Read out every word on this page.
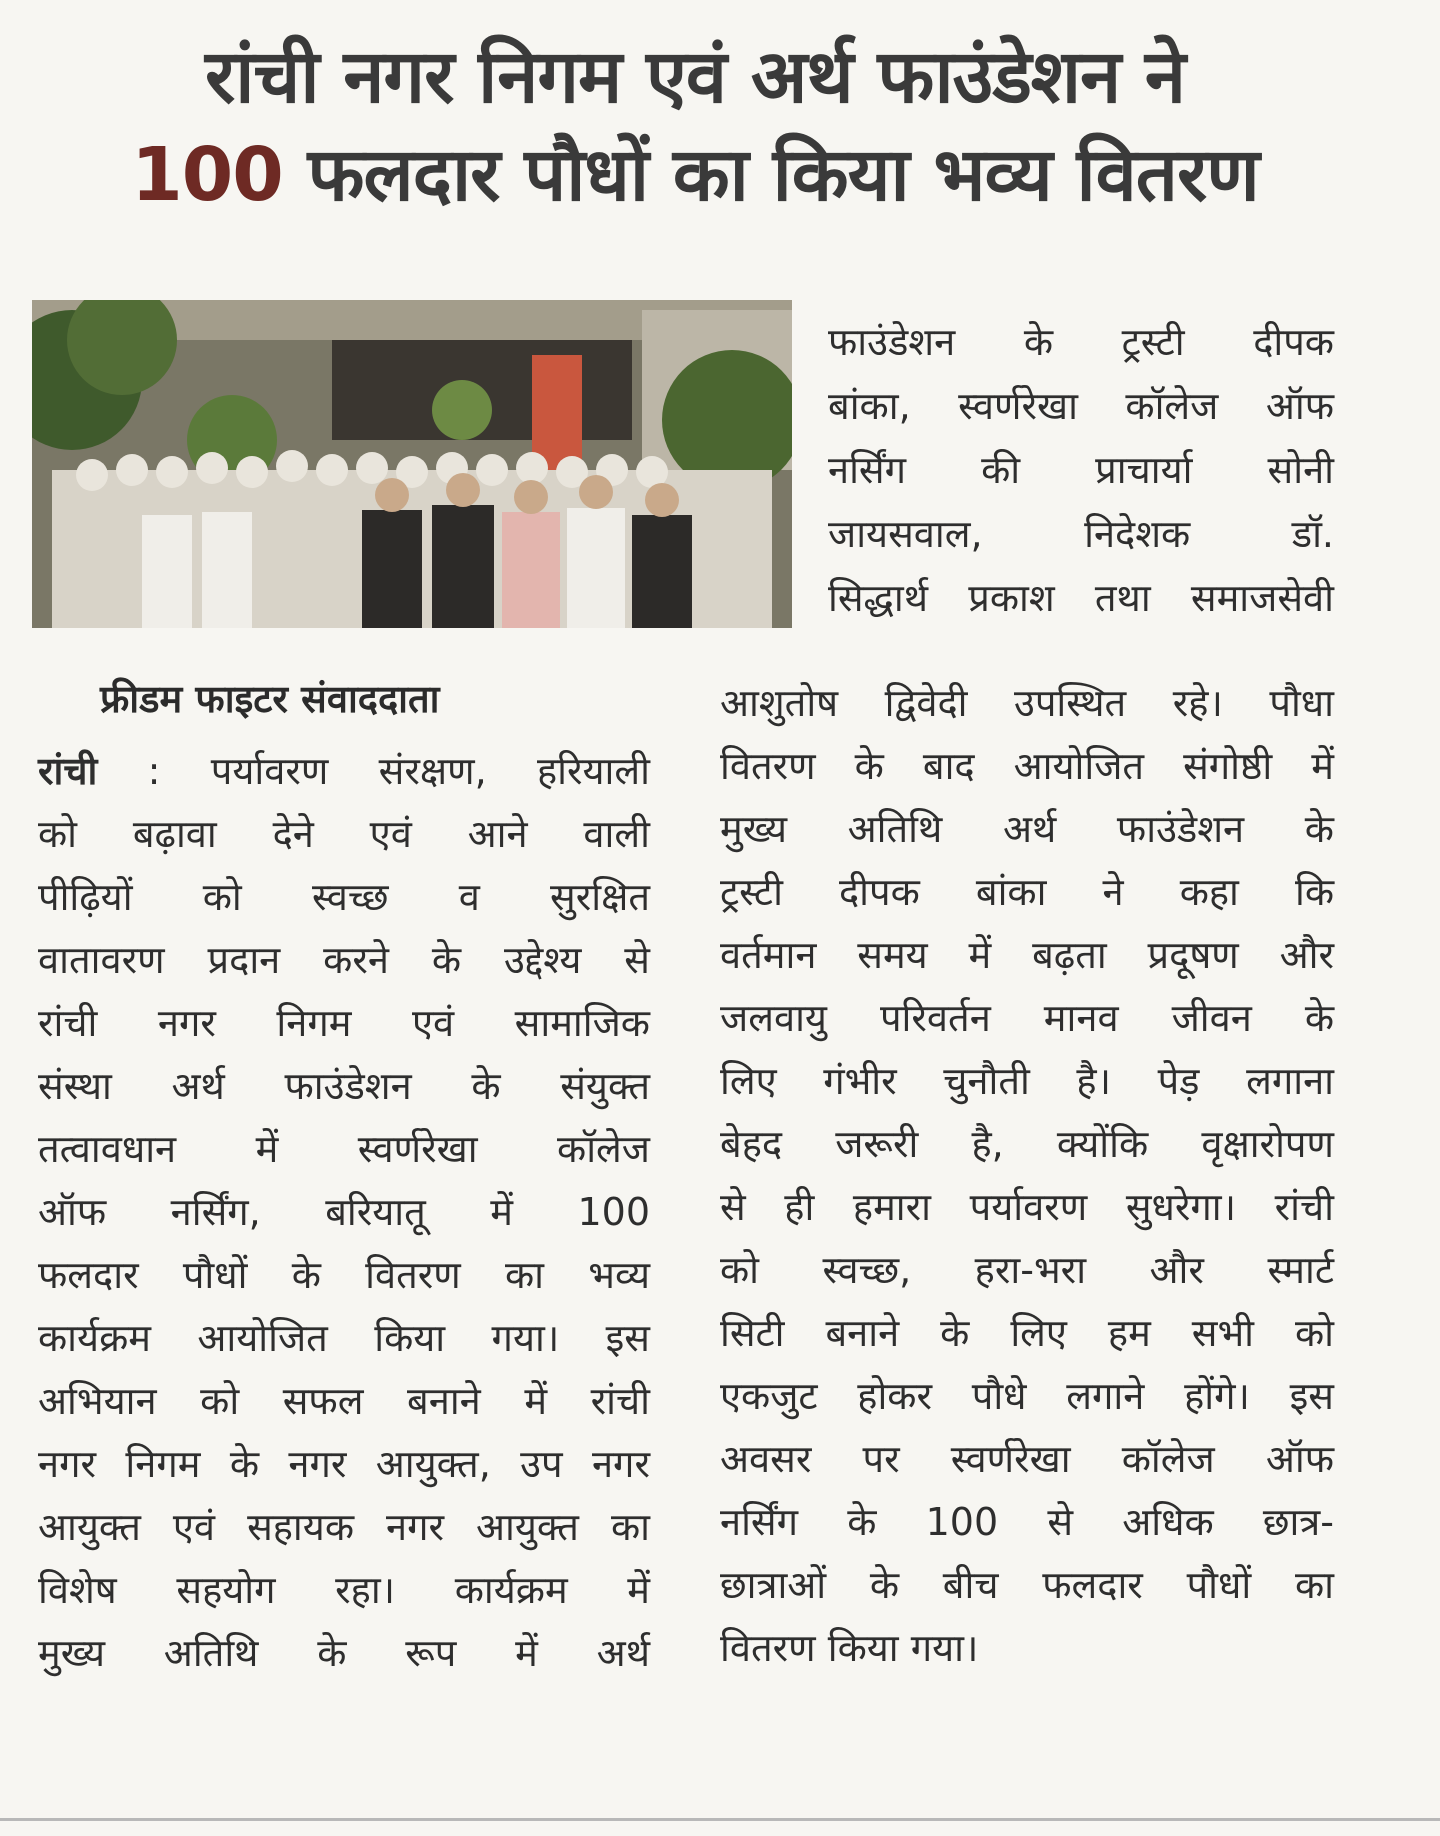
रांची नगर निगम एवं अर्थ फाउंडेशन ने
100 फलदार पौधों का किया भव्य वितरण
फ्रीडम फाइटर संवाददाता
रांची : पर्यावरण संरक्षण, हरियाली
को बढ़ावा देने एवं आने वाली
पीढ़ियों को स्वच्छ व सुरक्षित
वातावरण प्रदान करने के उद्देश्य से
रांची नगर निगम एवं सामाजिक
संस्था अर्थ फाउंडेशन के संयुक्त
तत्वावधान में स्वर्णरेखा कॉलेज
ऑफ नर्सिंग, बरियातू में 100
फलदार पौधों के वितरण का भव्य
कार्यक्रम आयोजित किया गया। इस
अभियान को सफल बनाने में रांची
नगर निगम के नगर आयुक्त, उप नगर
आयुक्त एवं सहायक नगर आयुक्त का
विशेष सहयोग रहा। कार्यक्रम में
मुख्य अतिथि के रूप में अर्थ
फाउंडेशन के ट्रस्टी दीपक
बांका, स्वर्णरेखा कॉलेज ऑफ
नर्सिंग की प्राचार्या सोनी
जायसवाल, निदेशक डॉ.
सिद्धार्थ प्रकाश तथा समाजसेवी
आशुतोष द्विवेदी उपस्थित रहे। पौधा
वितरण के बाद आयोजित संगोष्ठी में
मुख्य अतिथि अर्थ फाउंडेशन के
ट्रस्टी दीपक बांका ने कहा कि
वर्तमान समय में बढ़ता प्रदूषण और
जलवायु परिवर्तन मानव जीवन के
लिए गंभीर चुनौती है। पेड़ लगाना
बेहद जरूरी है, क्योंकि वृक्षारोपण
से ही हमारा पर्यावरण सुधरेगा। रांची
को स्वच्छ, हरा-भरा और स्मार्ट
सिटी बनाने के लिए हम सभी को
एकजुट होकर पौधे लगाने होंगे। इस
अवसर पर स्वर्णरेखा कॉलेज ऑफ
नर्सिंग के 100 से अधिक छात्र-
छात्राओं के बीच फलदार पौधों का
वितरण किया गया।
